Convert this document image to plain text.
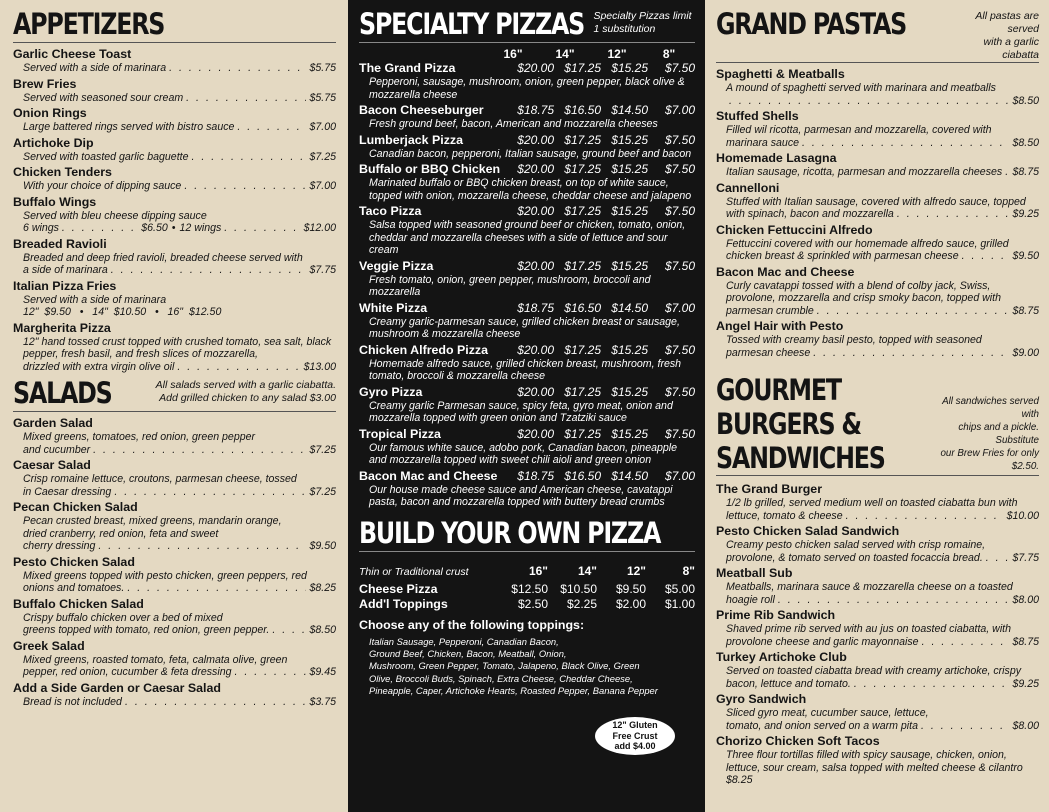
APPETIZERS
Garlic Cheese Toast
Served with a side of marinara . . .	$5.75
Brew Fries
Served with seasoned sour cream . . .	$5.75
Onion Rings
Large battered rings served with bistro sauce . . .	$7.00
Artichoke Dip
Served with toasted garlic baguette . . .	$7.25
Chicken Tenders
With your choice of dipping sauce . . .	$7.00
Buffalo Wings
Served with bleu cheese dipping sauce
6 wings . . .	$6.50 • 12 wings . . .	$12.00
Breaded Ravioli
Breaded and deep fried ravioli, breaded cheese served with
a side of marinara . . .	$7.75
Italian Pizza Fries
Served with a side of marinara
12"  $9.50   •   14"  $10.50   •   16"  $12.50
Margherita Pizza
12" hand tossed crust topped with crushed tomato, sea salt, black pepper, fresh basil, and fresh slices of mozzarella,
drizzled with extra virgin olive oil . . .	$13.00
SALADS	All salads served with a garlic ciabatta.
Add grilled chicken to any salad $3.00
Garden Salad
Mixed greens, tomatoes, red onion, green pepper
and cucumber . . .	$7.25
Caesar Salad
Crisp romaine lettuce, croutons, parmesan cheese, tossed
in Caesar dressing . . .	$7.25
Pecan Chicken Salad
Pecan crusted breast, mixed greens, mandarin orange, dried cranberry, red onion, feta and sweet
cherry dressing . . .	$9.50
Pesto Chicken Salad
Mixed greens topped with pesto chicken, green peppers, red
onions and tomatoes. . . .	$8.25
Buffalo Chicken Salad
Crispy buffalo chicken over a bed of mixed
greens topped with tomato, red onion, green pepper. . . .	$8.50
Greek Salad
Mixed greens, roasted tomato, feta, calmata olive, green
pepper, red onion, cucumber & feta dressing . . .	$9.45
Add a Side Garden or Caesar Salad
Bread is not included . . .	$3.75
SPECIALTY PIZZAS Specialty Pizzas limit
1 substitution
16"	14"	12"	8"
The Grand Pizza	$20.00 $17.25 $15.25	$7.50
Pepperoni, sausage, mushroom, onion, green pepper, black olive & mozzarella cheese
Bacon Cheeseburger	$18.75 $16.50 $14.50	$7.00
Fresh ground beef, bacon, American and mozzarella cheeses
Lumberjack Pizza	$20.00 $17.25 $15.25	$7.50
Canadian bacon, pepperoni, Italian sausage, ground beef and bacon
Buffalo or BBQ Chicken	$20.00 $17.25 $15.25	$7.50
Marinated buffalo or BBQ chicken breast, on top of white sauce, topped with onion, mozzarella cheese, cheddar cheese and jalapeno
Taco Pizza	$20.00 $17.25 $15.25	$7.50
Salsa topped with seasoned ground beef or chicken, tomato, onion, cheddar and mozzarella cheeses with a side of lettuce and sour cream
Veggie Pizza	$20.00 $17.25 $15.25	$7.50
Fresh tomato, onion, green pepper, mushroom, broccoli and mozzarella
White Pizza	$18.75 $16.50 $14.50	$7.00
Creamy garlic-parmesan sauce, grilled chicken breast or sausage, mushroom & mozzarella cheese
Chicken Alfredo Pizza	$20.00 $17.25 $15.25	$7.50
Homemade alfredo sauce, grilled chicken breast, mushroom, fresh tomato, broccoli & mozzarella cheese
Gyro Pizza	$20.00 $17.25 $15.25	$7.50
Creamy garlic Parmesan sauce, spicy feta, gyro meat, onion and mozzarella topped with green onion and Tzatziki sauce
Tropical Pizza	$20.00 $17.25 $15.25	$7.50
Our famous white sauce, adobo pork, Canadian bacon, pineapple and mozzarella topped with sweet chili aioli and green onion
Bacon Mac and Cheese	$18.75 $16.50 $14.50	$7.00
Our house made cheese sauce and American cheese, cavatappi pasta, bacon and mozzarella topped with buttery bread crumbs
BUILD YOUR OWN PIZZA
Thin or Traditional crust	16"	14"	12"	8"
Cheese Pizza	$12.50	$10.50	$9.50	$5.00
Add'l Toppings	$2.50	$2.25	$2.00	$1.00
Choose any of the following toppings:
Italian Sausage, Pepperoni, Canadian Bacon,
Ground Beef, Chicken, Bacon, Meatball, Onion,
Mushroom, Green Pepper, Tomato, Jalapeno, Black Olive, Green
Olive, Broccoli Buds, Spinach, Extra Cheese, Cheddar Cheese,
Pineapple, Caper, Artichoke Hearts, Roasted Pepper, Banana Pepper
12" Gluten
Free Crust
add $4.00
GRAND PASTAS	All pastas are served
with a garlic ciabatta
Spaghetti & Meatballs
A mound of spaghetti served with marinara and meatballs
. . .
$8.50
Stuffed Shells
Filled wil ricotta, parmesan and mozzarella, covered with
marinara sauce . . .	$8.50
Homemade Lasagna
Italian sausage, ricotta, parmesan and mozzarella cheeses . . . $8.75
Cannelloni
Stuffed with Italian sausage, covered with alfredo sauce, topped
with spinach, bacon and mozzarella . . .	$9.25
Chicken Fettuccini Alfredo
Fettuccini covered with our homemade alfredo sauce, grilled
chicken breast & sprinkled with parmesan cheese . . .	$9.50
Bacon Mac and Cheese
Curly cavatappi tossed with a blend of colby jack, Swiss, provolone, mozzarella and crisp smoky bacon, topped with
parmesan crumble . . .	$8.75
Angel Hair with Pesto
Tossed with creamy basil pesto, topped with seasoned
parmesan cheese . . .	$9.00
GOURMET BURGERS & SANDWICHES
All sandwiches served with
chips and a pickle. Substitute
our Brew Fries for only $2.50.
The Grand Burger
1/2 lb grilled, served medium well on toasted ciabatta bun with
lettuce, tomato & cheese . . .	$10.00
Pesto Chicken Salad Sandwich
Creamy pesto chicken salad served with crisp romaine,
provolone, & tomato served on toasted focaccia bread. . . .	$7.75
Meatball Sub
Meatballs, marinara sauce & mozzarella cheese on a toasted
hoagie roll . . .	$8.00
Prime Rib Sandwich
Shaved prime rib served with au jus on toasted ciabatta, with
provolone cheese and garlic mayonnaise . . .	$8.75
Turkey Artichoke Club
Served on toasted ciabatta bread with creamy artichoke, crispy
bacon, lettuce and tomato. . . .	$9.25
Gyro Sandwich
Sliced gyro meat, cucumber sauce, lettuce,
tomato, and onion served on a warm pita . . .	$8.00
Chorizo Chicken Soft Tacos
Three flour tortillas filled with spicy sausage, chicken, onion, lettuce, sour cream, salsa topped with melted cheese & cilantro
$8.25
